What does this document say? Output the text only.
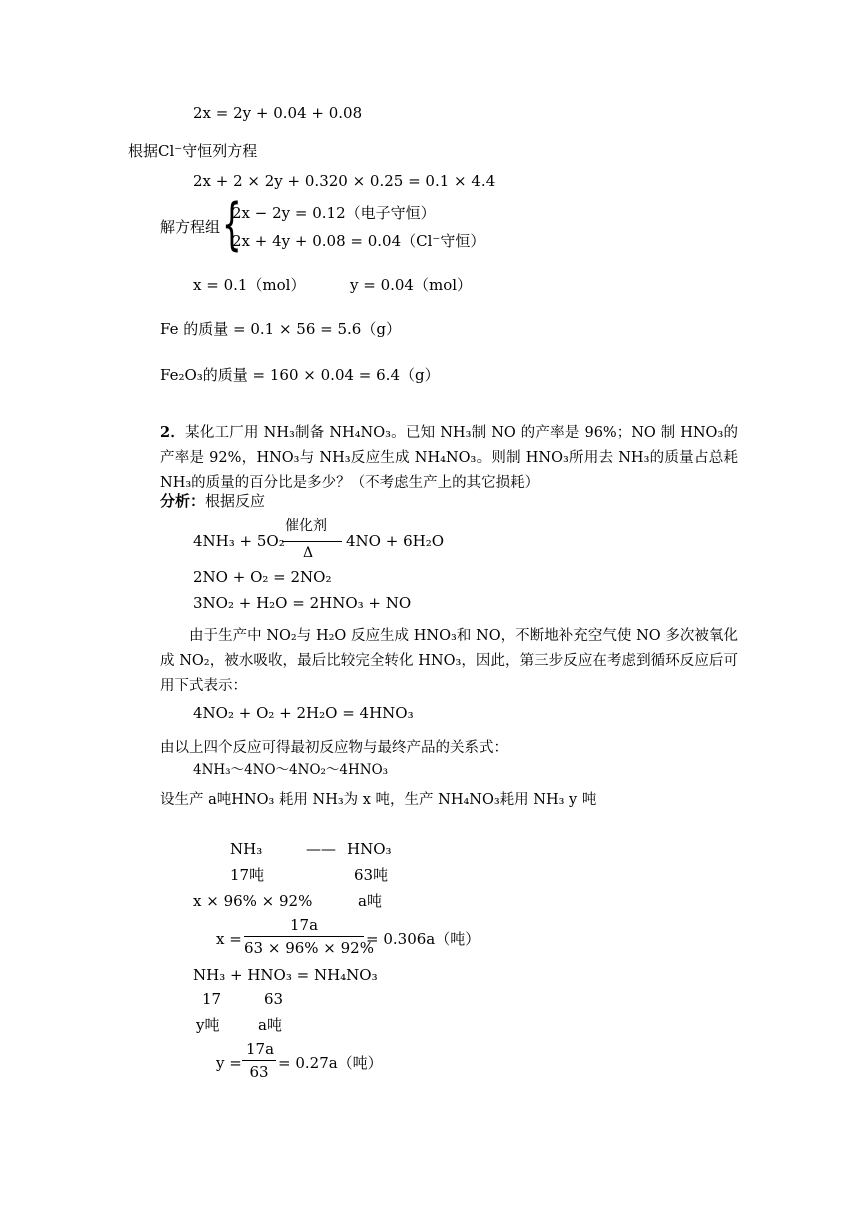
2x = 2y + 0.04 + 0.08
根据Cl⁻守恒列方程
2x + 2 × 2y + 0.320 × 0.25 = 0.1 × 4.4
解方程组 {
2x − 2y = 0.12（电子守恒）
2x + 4y + 0.08 = 0.04（Cl⁻守恒）
x = 0.1（mol）	y = 0.04（mol）
Fe 的质量 = 0.1 × 56 = 5.6（g）
Fe₂O₃的质量 = 160 × 0.04 = 6.4（g）
2．某化工厂用 NH₃制备 NH₄NO₃。已知 NH₃制 NO 的产率是 96%；NO 制 HNO₃的产率是 92%，HNO₃与 NH₃反应生成 NH₄NO₃。则制 HNO₃所用去 NH₃的质量占总耗 NH₃的质量的百分比是多少？（不考虑生产上的其它损耗）
分析：根据反应
4NH₃ + 5O₂
催化剂
Δ
4NO + 6H₂O
2NO + O₂ = 2NO₂
3NO₂ + H₂O = 2HNO₃ + NO
由于生产中 NO₂与 H₂O 反应生成 HNO₃和 NO，不断地补充空气使 NO 多次被氧化成 NO₂，被水吸收，最后比较完全转化 HNO₃，因此，第三步反应在考虑到循环反应后可用下式表示：
4NO₂ + O₂ + 2H₂O = 4HNO₃
由以上四个反应可得最初反应物与最终产品的关系式：
4NH₃～4NO～4NO₂～4HNO₃
设生产 a吨HNO₃ 耗用 NH₃为 x 吨，生产 NH₄NO₃耗用 NH₃ y 吨
NH₃	—— HNO₃
17吨	63吨
x × 96% × 92%	a吨
x =
17a
63 × 96% × 92%
= 0.306a（吨）
NH₃ + HNO₃ = NH₄NO₃
17	63
y吨	a吨
y =
17a
63 = 0.27a（吨）
